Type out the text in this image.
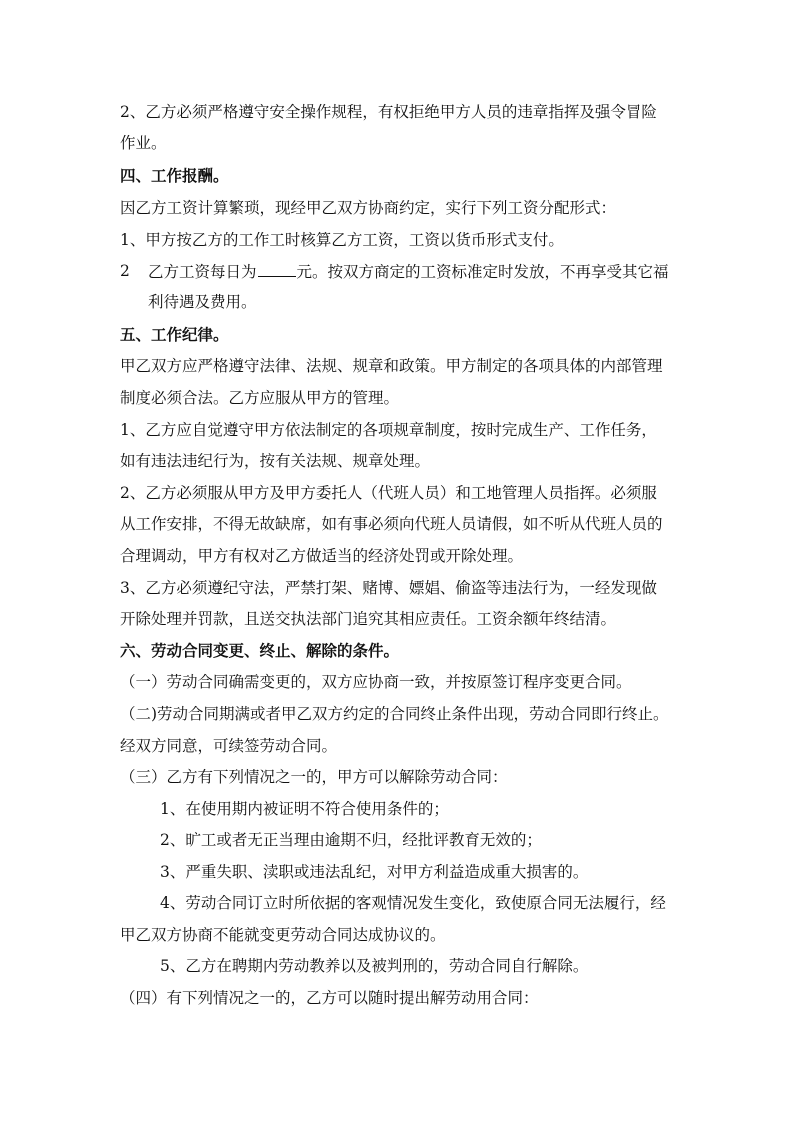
2、乙方必须严格遵守安全操作规程，有权拒绝甲方人员的违章指挥及强令冒险
作业。
四、工作报酬。
因乙方工资计算繁琐，现经甲乙双方协商约定，实行下列工资分配形式：
1、甲方按乙方的工作工时核算乙方工资，工资以货币形式支付。
2 乙方工资每日为	元。按双方商定的工资标准定时发放，不再享受其它福
利待遇及费用。
五、工作纪律。
甲乙双方应严格遵守法律、法规、规章和政策。甲方制定的各项具体的内部管理
制度必须合法。乙方应服从甲方的管理。
1、乙方应自觉遵守甲方依法制定的各项规章制度，按时完成生产、工作任务，
如有违法违纪行为，按有关法规、规章处理。
2、乙方必须服从甲方及甲方委托人（代班人员）和工地管理人员指挥。必须服
从工作安排，不得无故缺席，如有事必须向代班人员请假，如不听从代班人员的
合理调动，甲方有权对乙方做适当的经济处罚或开除处理。
3、乙方必须遵纪守法，严禁打架、赌博、嫖娼、偷盗等违法行为，一经发现做
开除处理并罚款，且送交执法部门追究其相应责任。工资余额年终结清。
六、劳动合同变更、终止、解除的条件。
（一）劳动合同确需变更的，双方应协商一致，并按原签订程序变更合同。
（二)劳动合同期满或者甲乙双方约定的合同终止条件出现，劳动合同即行终止。
经双方同意，可续签劳动合同。
（三）乙方有下列情况之一的，甲方可以解除劳动合同：
1、在使用期内被证明不符合使用条件的；
2、旷工或者无正当理由逾期不归，经批评教育无效的；
3、严重失职、渎职或违法乱纪，对甲方利益造成重大损害的。
4、劳动合同订立时所依据的客观情况发生变化，致使原合同无法履行，经
甲乙双方协商不能就变更劳动合同达成协议的。
5、乙方在聘期内劳动教养以及被判刑的，劳动合同自行解除。
（四）有下列情况之一的，乙方可以随时提出解劳动用合同：
